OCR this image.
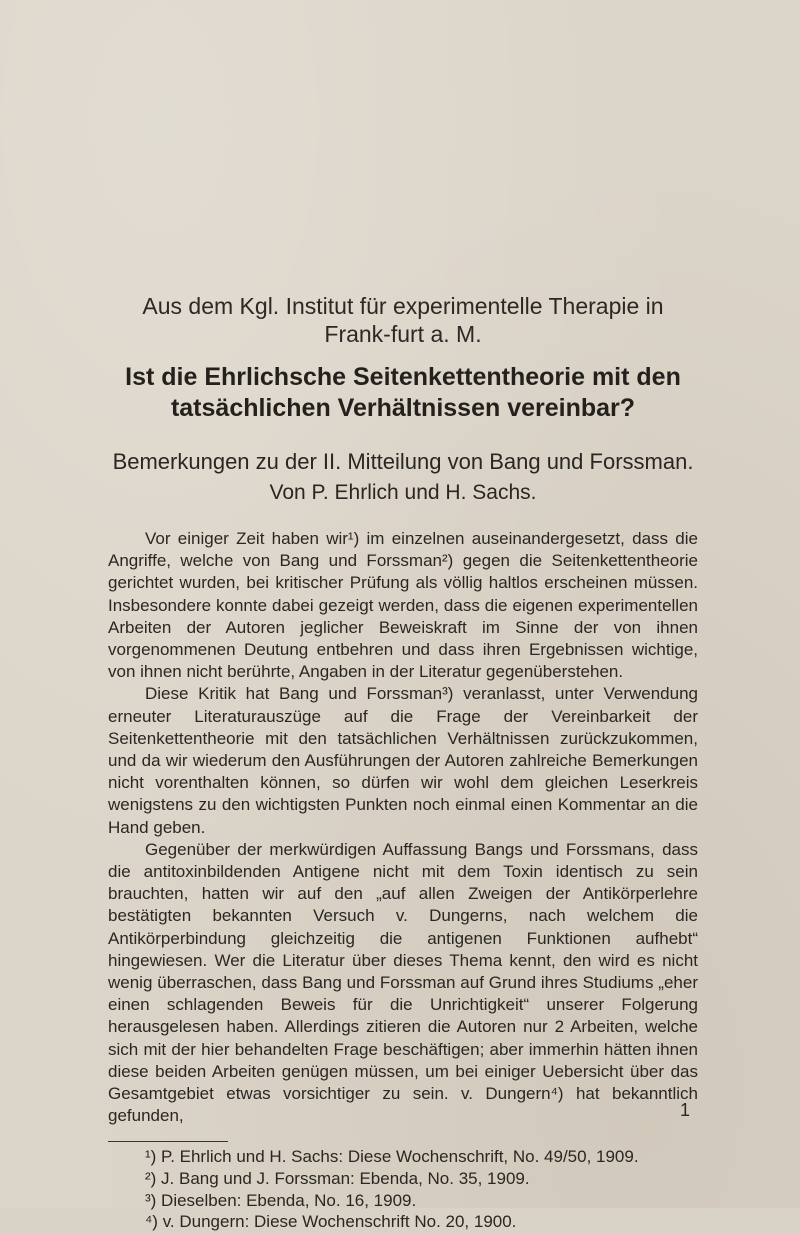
Aus dem Kgl. Institut für experimentelle Therapie in Frank-furt a. M.
Ist die Ehrlichsche Seitenkettentheorie mit den tatsächlichen Verhältnissen vereinbar?
Bemerkungen zu der II. Mitteilung von Bang und Forssman.
Von P. Ehrlich und H. Sachs.

Vor einiger Zeit haben wir¹) im einzelnen auseinandergesetzt, dass die Angriffe, welche von Bang und Forssman²) gegen die Seitenkettentheorie gerichtet wurden, bei kritischer Prüfung als völlig haltlos erscheinen müssen. Insbesondere konnte dabei gezeigt werden, dass die eigenen experimentellen Arbeiten der Autoren jeglicher Beweiskraft im Sinne der von ihnen vorgenommenen Deutung entbehren und dass ihren Ergebnissen wichtige, von ihnen nicht berührte, Angaben in der Literatur gegenüberstehen.

Diese Kritik hat Bang und Forssman³) veranlasst, unter Verwendung erneuter Literaturauszüge auf die Frage der Vereinbarkeit der Seitenkettentheorie mit den tatsächlichen Verhältnissen zurückzukommen, und da wir wiederum den Ausführungen der Autoren zahlreiche Bemerkungen nicht vorenthalten können, so dürfen wir wohl dem gleichen Leserkreis wenigstens zu den wichtigsten Punkten noch einmal einen Kommentar an die Hand geben.

Gegenüber der merkwürdigen Auffassung Bangs und Forssmans, dass die antitoxinbildenden Antigene nicht mit dem Toxin identisch zu sein brauchten, hatten wir auf den „auf allen Zweigen der Antikörperlehre bestätigten bekannten Versuch v. Dungerns, nach welchem die Antikörperbindung gleichzeitig die antigenen Funktionen aufhebt“ hingewiesen. Wer die Literatur über dieses Thema kennt, den wird es nicht wenig überraschen, dass Bang und Forssman auf Grund ihres Studiums „eher einen schlagenden Beweis für die Unrichtigkeit“ unserer Folgerung herausgelesen haben. Allerdings zitieren die Autoren nur 2 Arbeiten, welche sich mit der hier behandelten Frage beschäftigen; aber immerhin hätten ihnen diese beiden Arbeiten genügen müssen, um bei einiger Uebersicht über das Gesamtgebiet etwas vorsichtiger zu sein. v. Dungern⁴) hat bekanntlich gefunden,

¹) P. Ehrlich und H. Sachs: Diese Wochenschrift, No. 49/50, 1909.
²) J. Bang und J. Forssman: Ebenda, No. 35, 1909.
³) Dieselben: Ebenda, No. 16, 1909.
⁴) v. Dungern: Diese Wochenschrift No. 20, 1900.
1
